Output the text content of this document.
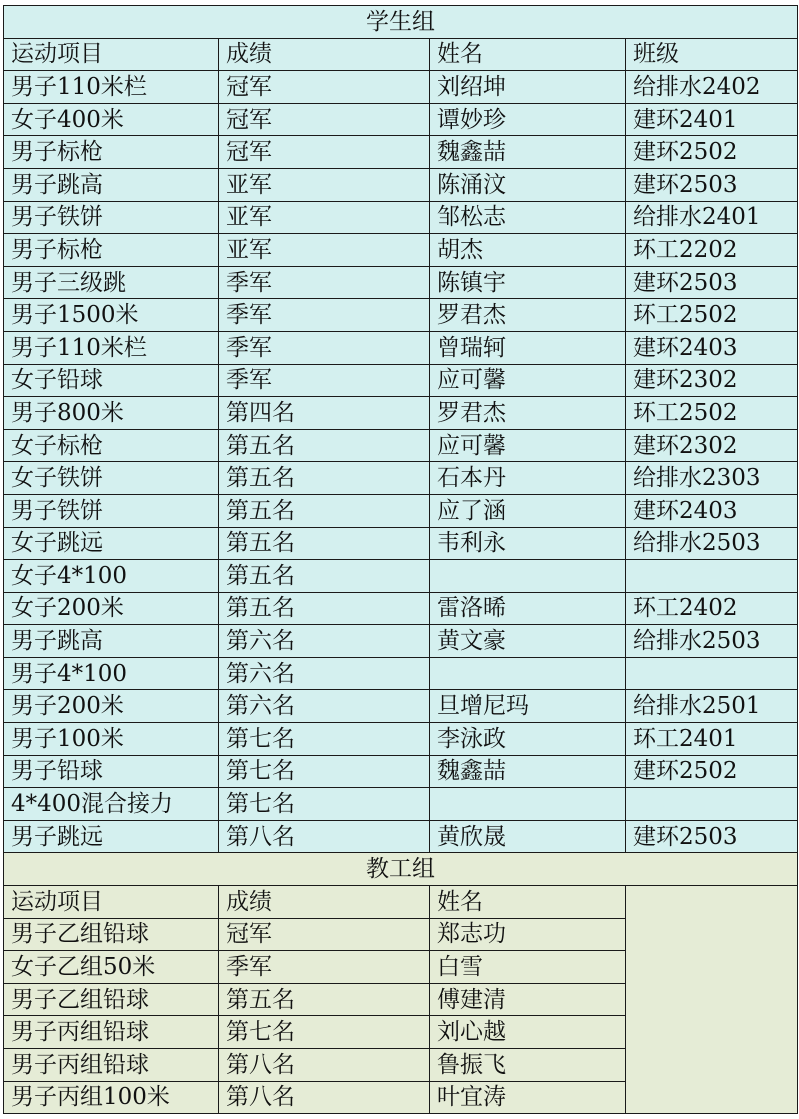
学生组			
运动项目	成绩	姓名	班级
男子110米栏	冠军	刘绍坤	给排水2402
女子400米	冠军	谭妙珍	建环2401
男子标枪	冠军	魏鑫喆	建环2502
男子跳高	亚军	陈涌汶	建环2503
男子铁饼	亚军	邹松志	给排水2401
男子标枪	亚军	胡杰	环工2202
男子三级跳	季军	陈镇宇	建环2503
男子1500米	季军	罗君杰	环工2502
男子110米栏	季军	曾瑞轲	建环2403
女子铅球	季军	应可馨	建环2302
男子800米	第四名	罗君杰	环工2502
女子标枪	第五名	应可馨	建环2302
女子铁饼	第五名	石本丹	给排水2303
男子铁饼	第五名	应了涵	建环2403
女子跳远	第五名	韦利永	给排水2503
女子4*100	第五名		
女子200米	第五名	雷洛晞	环工2402
男子跳高	第六名	黄文豪	给排水2503
男子4*100	第六名		
男子200米	第六名	旦增尼玛	给排水2501
男子100米	第七名	李泳政	环工2401
男子铅球	第七名	魏鑫喆	建环2502
4*400混合接力	第七名		
男子跳远	第八名	黄欣晟	建环2503
教工组			
运动项目	成绩	姓名	
男子乙组铅球	冠军	郑志功	
女子乙组50米	季军	白雪	
男子乙组铅球	第五名	傅建清	
男子丙组铅球	第七名	刘心越	
男子丙组铅球	第八名	鲁振飞	
男子丙组100米	第八名	叶宜涛	
